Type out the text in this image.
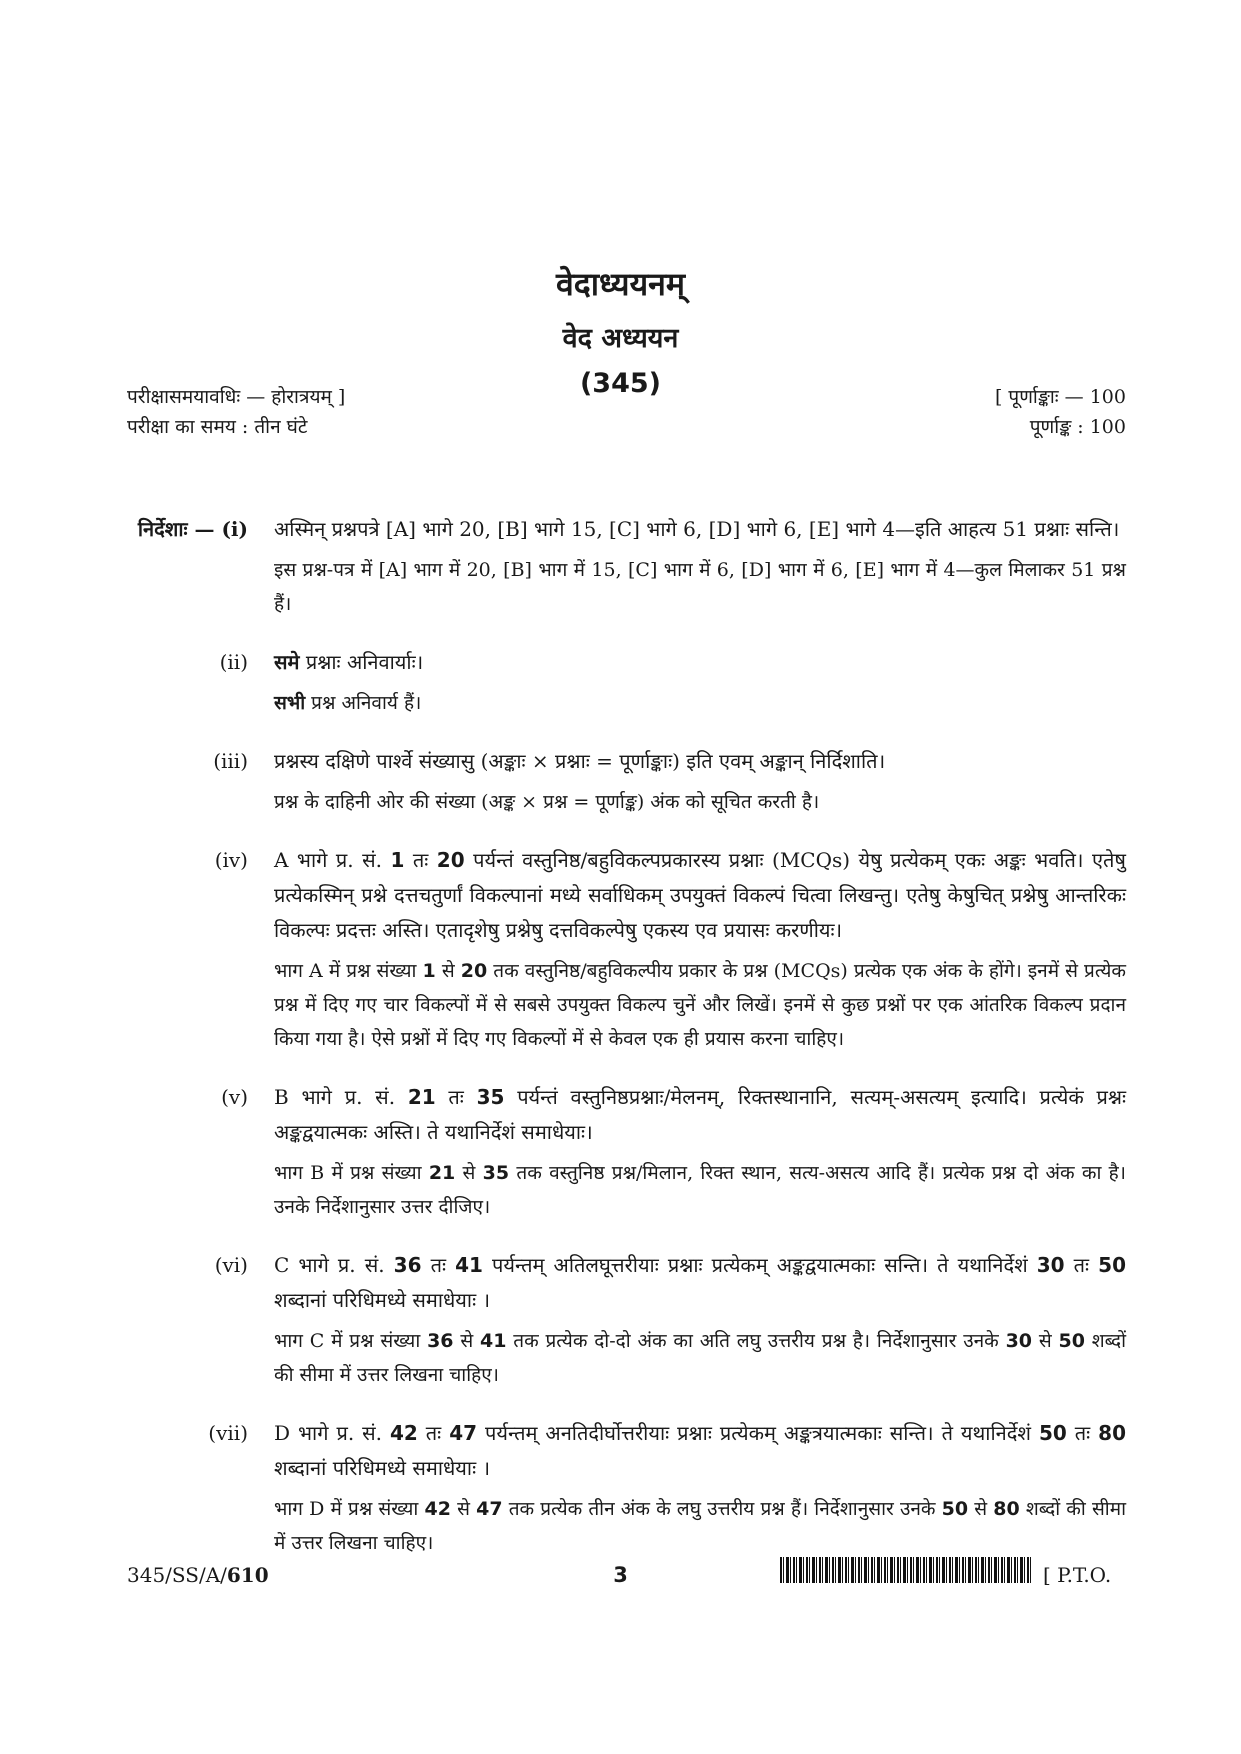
वेदाध्ययनम्
वेद अध्ययन
(345)
परीक्षासमयावधिः — होरात्रयम् ]	[ पूर्णाङ्काः — 100
परीक्षा का समय : तीन घंटे	पूर्णाङ्क : 100
निर्देशाः — (i)	अस्मिन् प्रश्नपत्रे [A] भागे 20, [B] भागे 15, [C] भागे 6, [D] भागे 6, [E] भागे 4—इति आहत्य 51 प्रश्नाः सन्ति।

इस प्रश्न-पत्र में [A] भाग में 20, [B] भाग में 15, [C] भाग में 6, [D] भाग में 6, [E] भाग में 4—कुल मिलाकर 51 प्रश्न हैं।

(ii)	समे प्रश्नाः अनिवार्याः।

सभी प्रश्न अनिवार्य हैं।

(iii)	प्रश्नस्य दक्षिणे पार्श्वे संख्यासु (अङ्काः × प्रश्नाः = पूर्णाङ्काः) इति एवम् अङ्कान् निर्दिशाति।

प्रश्न के दाहिनी ओर की संख्या (अङ्क × प्रश्न = पूर्णाङ्क) अंक को सूचित करती है।

(iv)	A भागे प्र. सं. 1 तः 20 पर्यन्तं वस्तुनिष्ठ/बहुविकल्पप्रकारस्य प्रश्नाः (MCQs) येषु प्रत्येकम् एकः अङ्कः भवति। एतेषु प्रत्येकस्मिन् प्रश्ने दत्तचतुर्णां विकल्पानां मध्ये सर्वाधिकम् उपयुक्तं विकल्पं चित्वा लिखन्तु। एतेषु केषुचित् प्रश्नेषु आन्तरिकः विकल्पः प्रदत्तः अस्ति। एतादृशेषु प्रश्नेषु दत्तविकल्पेषु एकस्य एव प्रयासः करणीयः।

भाग A में प्रश्न संख्या 1 से 20 तक वस्तुनिष्ठ/बहुविकल्पीय प्रकार के प्रश्न (MCQs) प्रत्येक एक अंक के होंगे। इनमें से प्रत्येक प्रश्न में दिए गए चार विकल्पों में से सबसे उपयुक्त विकल्प चुनें और लिखें। इनमें से कुछ प्रश्नों पर एक आंतरिक विकल्प प्रदान किया गया है। ऐसे प्रश्नों में दिए गए विकल्पों में से केवल एक ही प्रयास करना चाहिए।

(v)	B भागे प्र. सं. 21 तः 35 पर्यन्तं वस्तुनिष्ठप्रश्नाः/मेलनम्, रिक्तस्थानानि, सत्यम्-असत्यम् इत्यादि। प्रत्येकं प्रश्नः अङ्कद्वयात्मकः अस्ति। ते यथानिर्देशं समाधेयाः।

भाग B में प्रश्न संख्या 21 से 35 तक वस्तुनिष्ठ प्रश्न/मिलान, रिक्त स्थान, सत्य-असत्य आदि हैं। प्रत्येक प्रश्न दो अंक का है। उनके निर्देशानुसार उत्तर दीजिए।

(vi)	C भागे प्र. सं. 36 तः 41 पर्यन्तम् अतिलघूत्तरीयाः प्रश्नाः प्रत्येकम् अङ्कद्वयात्मकाः सन्ति। ते यथानिर्देशं 30 तः 50 शब्दानां परिधिमध्ये समाधेयाः ।

भाग C में प्रश्न संख्या 36 से 41 तक प्रत्येक दो-दो अंक का अति लघु उत्तरीय प्रश्न है। निर्देशानुसार उनके 30 से 50 शब्दों की सीमा में उत्तर लिखना चाहिए।

(vii)	D भागे प्र. सं. 42 तः 47 पर्यन्तम् अनतिदीर्घोत्तरीयाः प्रश्नाः प्रत्येकम् अङ्कत्रयात्मकाः सन्ति। ते यथानिर्देशं 50 तः 80 शब्दानां परिधिमध्ये समाधेयाः ।

भाग D में प्रश्न संख्या 42 से 47 तक प्रत्येक तीन अंक के लघु उत्तरीय प्रश्न हैं। निर्देशानुसार उनके 50 से 80 शब्दों की सीमा में उत्तर लिखना चाहिए।

345/SS/A/610	3	[ P.T.O.
